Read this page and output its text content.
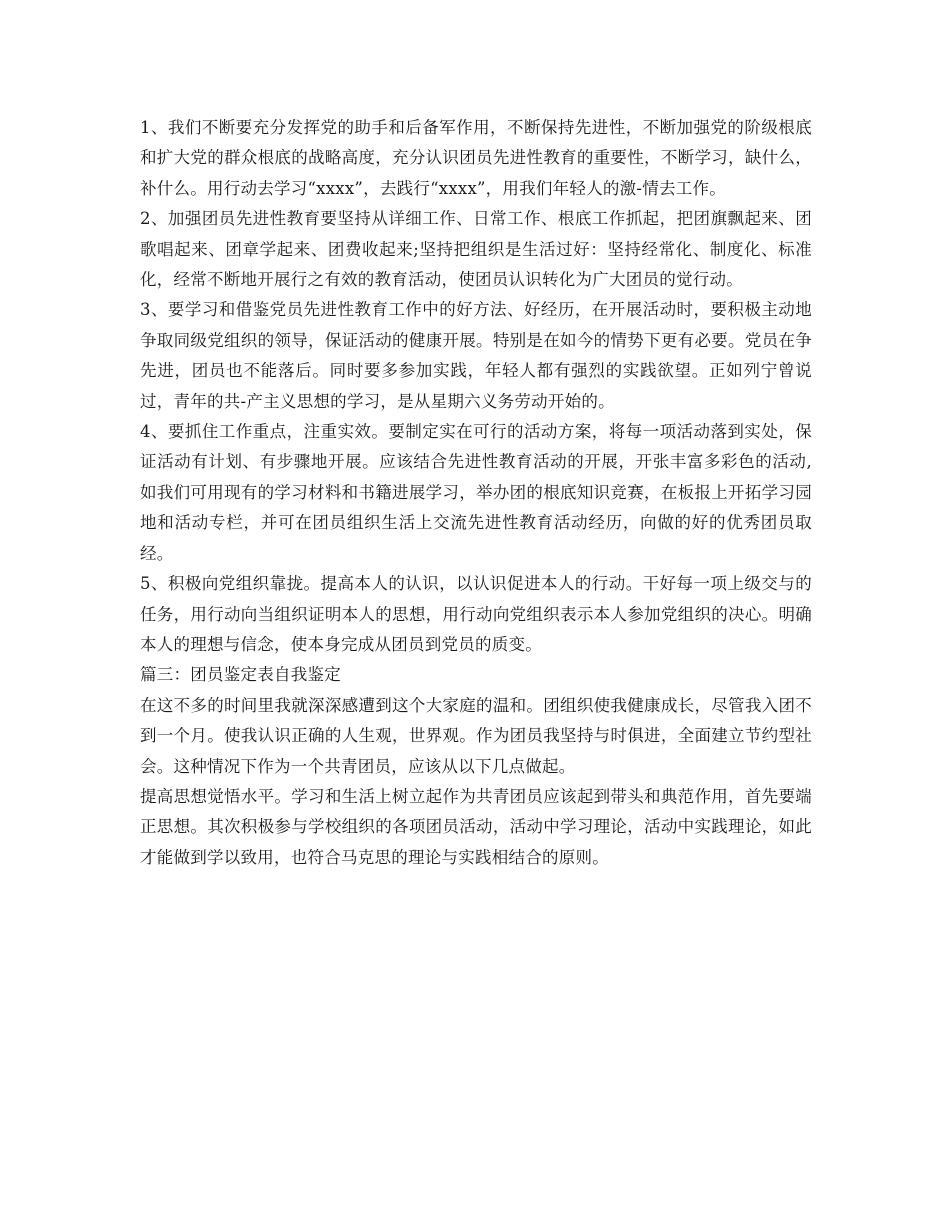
1、我们不断要充分发挥党的助手和后备军作用，不断保持先进性，不断加强党的阶级根底和扩大党的群众根底的战略高度，充分认识团员先进性教育的重要性，不断学习，缺什么，补什么。用行动去学习“xxxx”，去践行“xxxx”，用我们年轻人的激-情去工作。

2、加强团员先进性教育要坚持从详细工作、日常工作、根底工作抓起，把团旗飘起来、团歌唱起来、团章学起来、团费收起来;坚持把组织是生活过好：坚持经常化、制度化、标准化，经常不断地开展行之有效的教育活动，使团员认识转化为广大团员的觉行动。

3、要学习和借鉴党员先进性教育工作中的好方法、好经历，在开展活动时，要积极主动地争取同级党组织的领导，保证活动的健康开展。特别是在如今的情势下更有必要。党员在争先进，团员也不能落后。同时要多参加实践，年轻人都有强烈的实践欲望。正如列宁曾说过，青年的共-产主义思想的学习，是从星期六义务劳动开始的。

4、要抓住工作重点，注重实效。要制定实在可行的活动方案，将每一项活动落到实处，保证活动有计划、有步骤地开展。应该结合先进性教育活动的开展，开张丰富多彩色的活动,如我们可用现有的学习材料和书籍进展学习，举办团的根底知识竞赛，在板报上开拓学习园地和活动专栏，并可在团员组织生活上交流先进性教育活动经历，向做的好的优秀团员取经。

5、积极向党组织靠拢。提高本人的认识，以认识促进本人的行动。干好每一项上级交与的任务，用行动向当组织证明本人的思想，用行动向党组织表示本人参加党组织的决心。明确本人的理想与信念，使本身完成从团员到党员的质变。

篇三：团员鉴定表自我鉴定

在这不多的时间里我就深深感遭到这个大家庭的温和。团组织使我健康成长，尽管我入团不到一个月。使我认识正确的人生观，世界观。作为团员我坚持与时俱进，全面建立节约型社会。这种情况下作为一个共青团员，应该从以下几点做起。

提高思想觉悟水平。学习和生活上树立起作为共青团员应该起到带头和典范作用，首先要端正思想。其次积极参与学校组织的各项团员活动，活动中学习理论，活动中实践理论，如此才能做到学以致用，也符合马克思的理论与实践相结合的原则。
